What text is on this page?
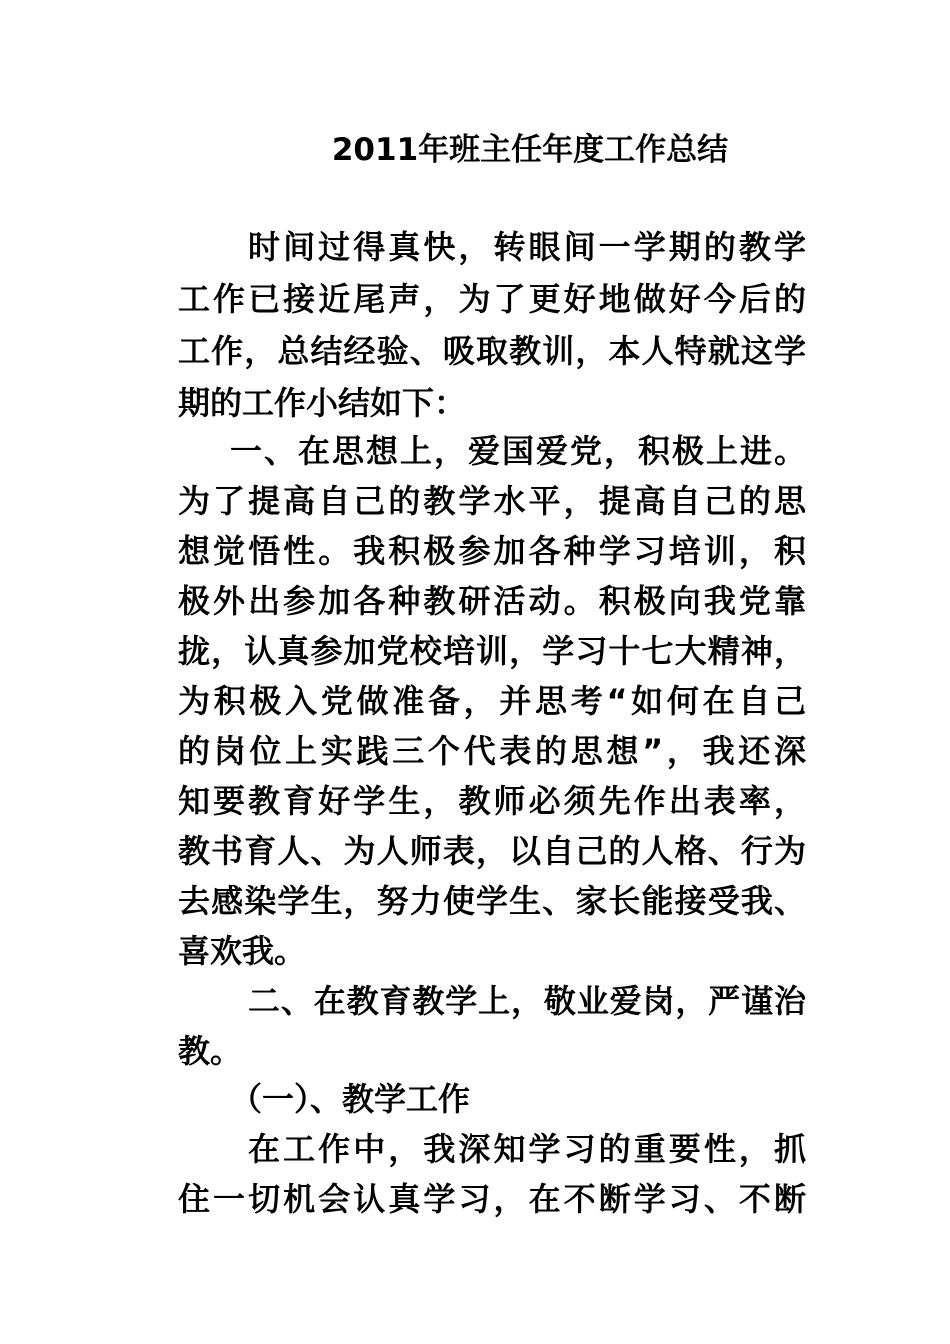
2011年班主任年度工作总结
时间过得真快，转眼间一学期的教学
工作已接近尾声，为了更好地做好今后的
工作，总结经验、吸取教训，本人特就这学
期的工作小结如下：
一、在思想上，爱国爱党，积极上进。
为了提高自己的教学水平，提高自己的思
想觉悟性。我积极参加各种学习培训，积
极外出参加各种教研活动。积极向我党靠
拢，认真参加党校培训，学习十七大精神，
为积极入党做准备，并思考“如何在自己
的岗位上实践三个代表的思想”，我还深
知要教育好学生，教师必须先作出表率，
教书育人、为人师表，以自己的人格、行为
去感染学生，努力使学生、家长能接受我、
喜欢我。
二、在教育教学上，敬业爱岗，严谨治
教。
（一）、教学工作
在工作中，我深知学习的重要性，抓
住一切机会认真学习，在不断学习、不断
